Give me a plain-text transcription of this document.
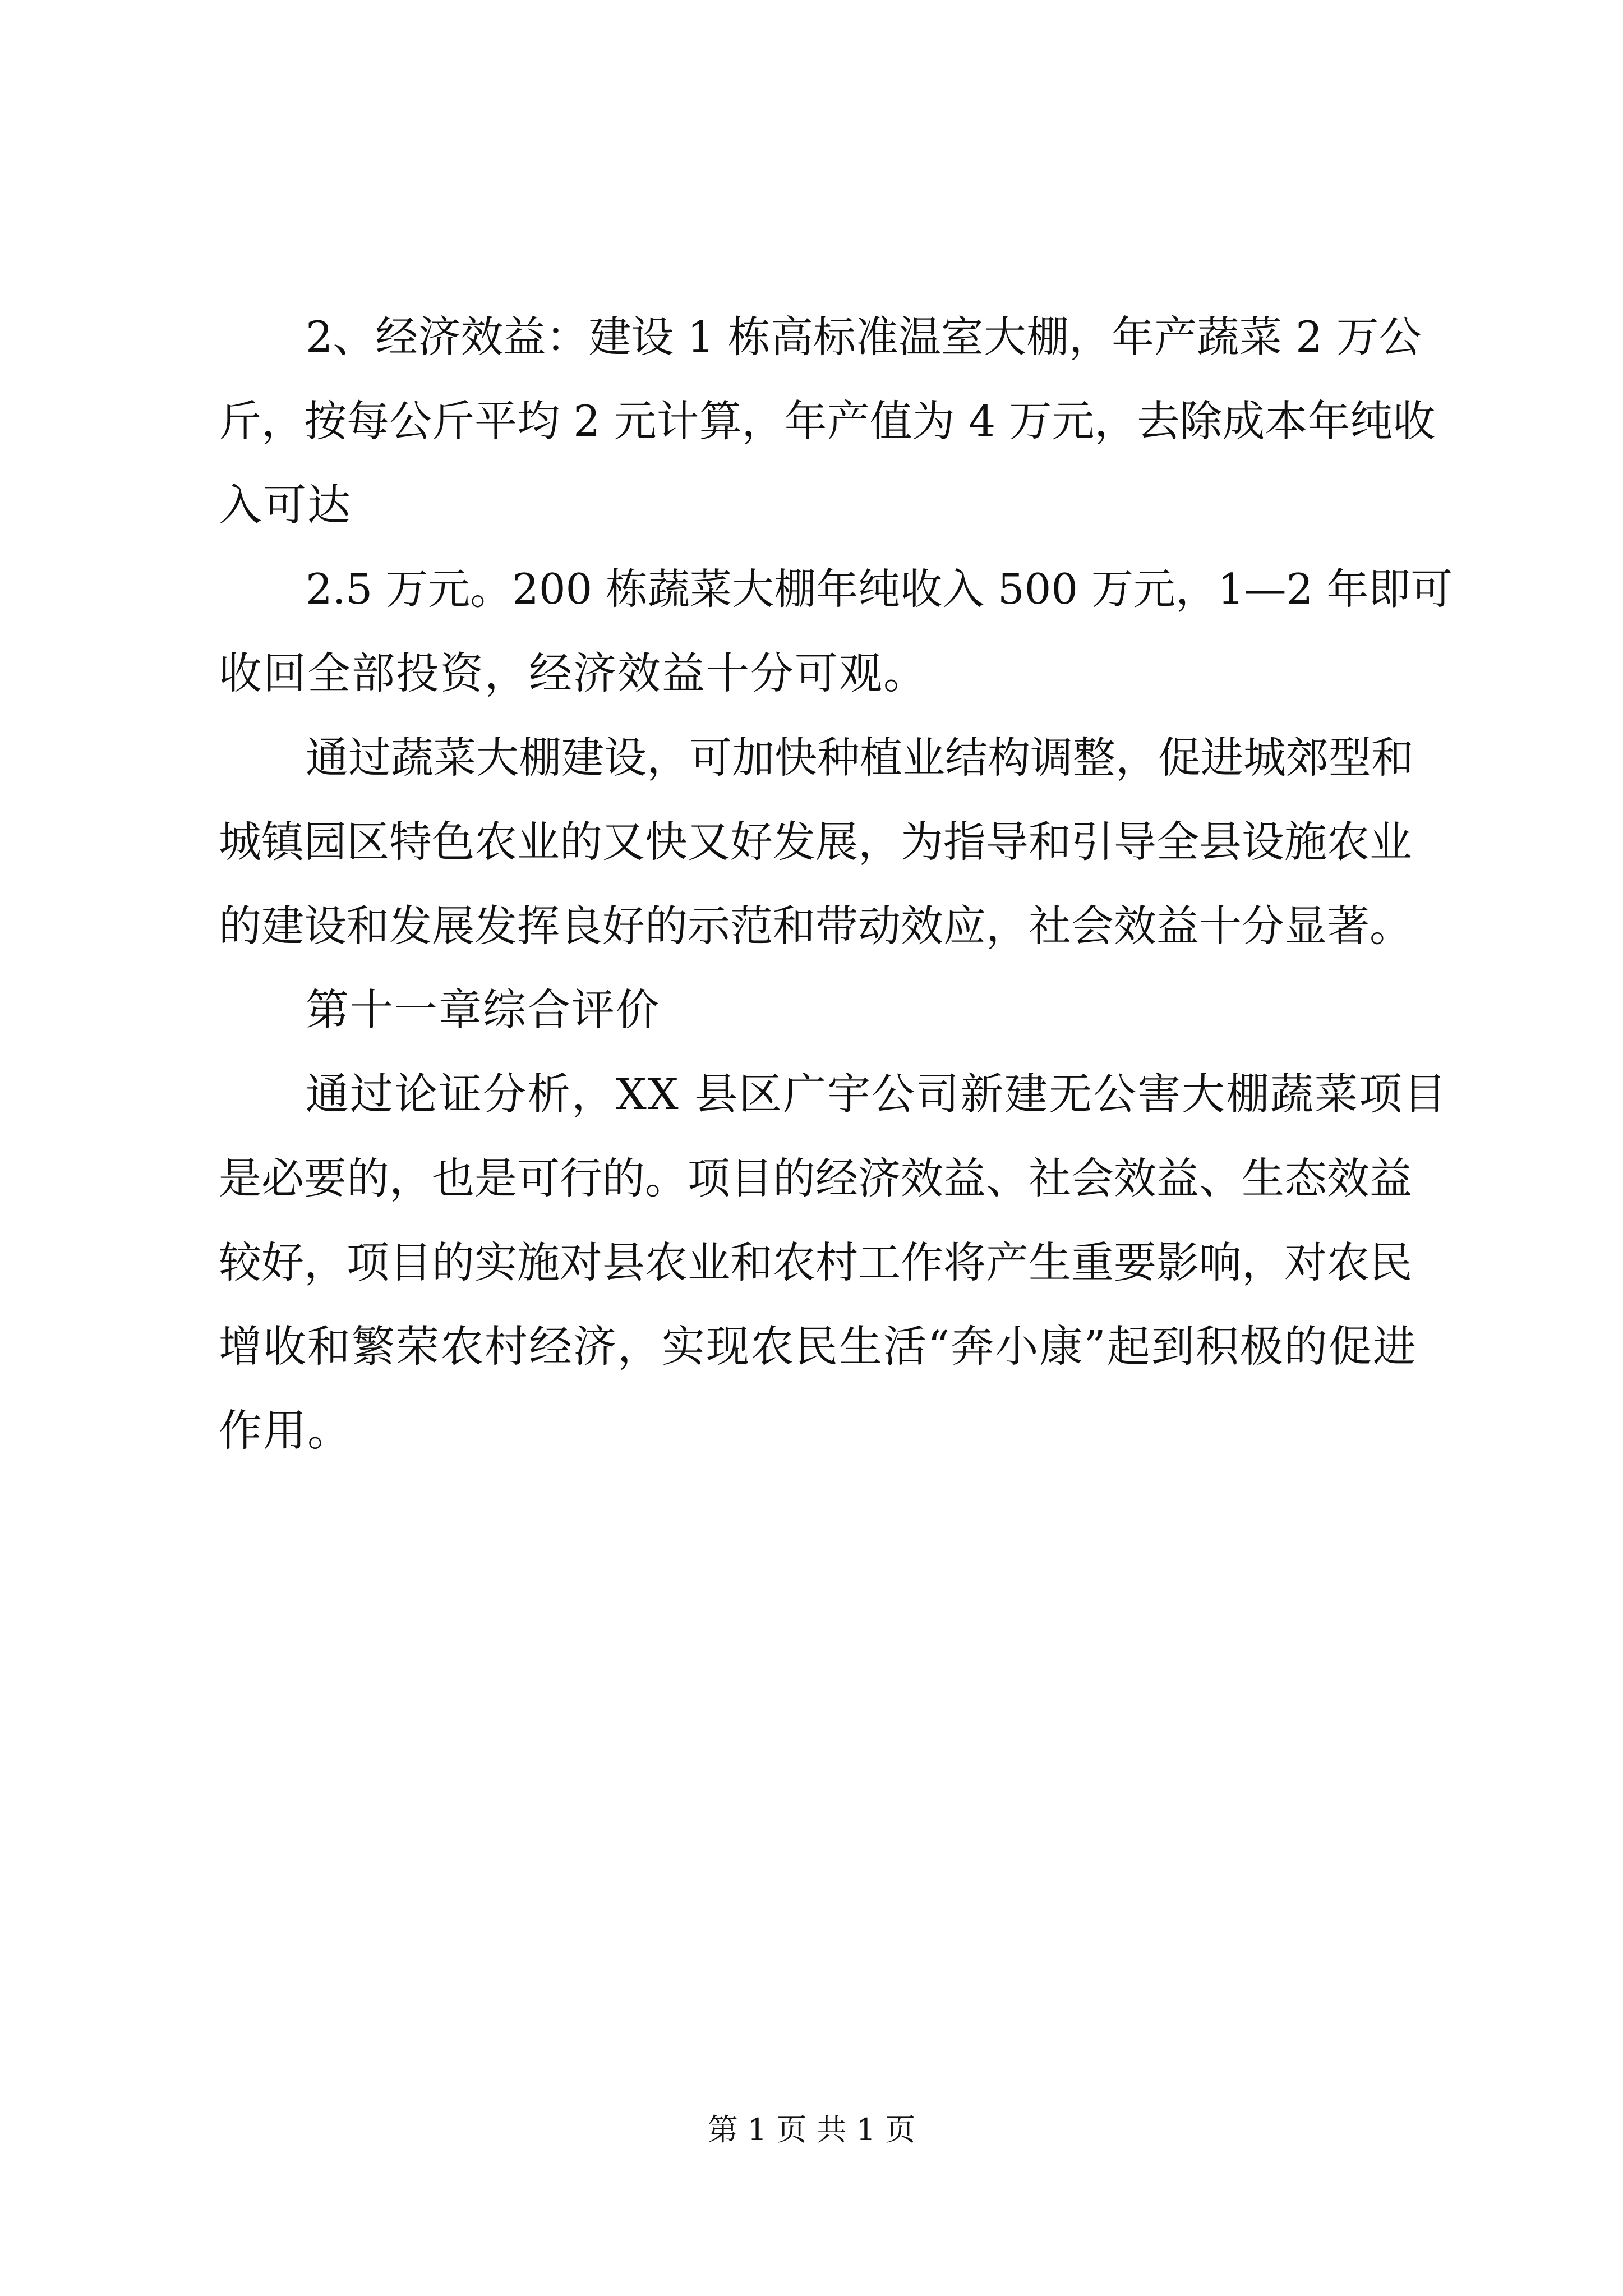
2、经济效益：建设 1 栋高标准温室大棚，年产蔬菜 2 万公
斤，按每公斤平均 2 元计算，年产值为 4 万元，去除成本年纯收
入可达
2.5 万元。200 栋蔬菜大棚年纯收入 500 万元，1—2 年即可
收回全部投资，经济效益十分可观。
通过蔬菜大棚建设，可加快种植业结构调整，促进城郊型和
城镇园区特色农业的又快又好发展，为指导和引导全县设施农业
的建设和发展发挥良好的示范和带动效应，社会效益十分显著。
第十一章综合评价
通过论证分析，XX 县区广宇公司新建无公害大棚蔬菜项目
是必要的，也是可行的。项目的经济效益、社会效益、生态效益
较好，项目的实施对县农业和农村工作将产生重要影响，对农民
增收和繁荣农村经济，实现农民生活“奔小康”起到积极的促进
作用。
第 1 页 共 1 页
